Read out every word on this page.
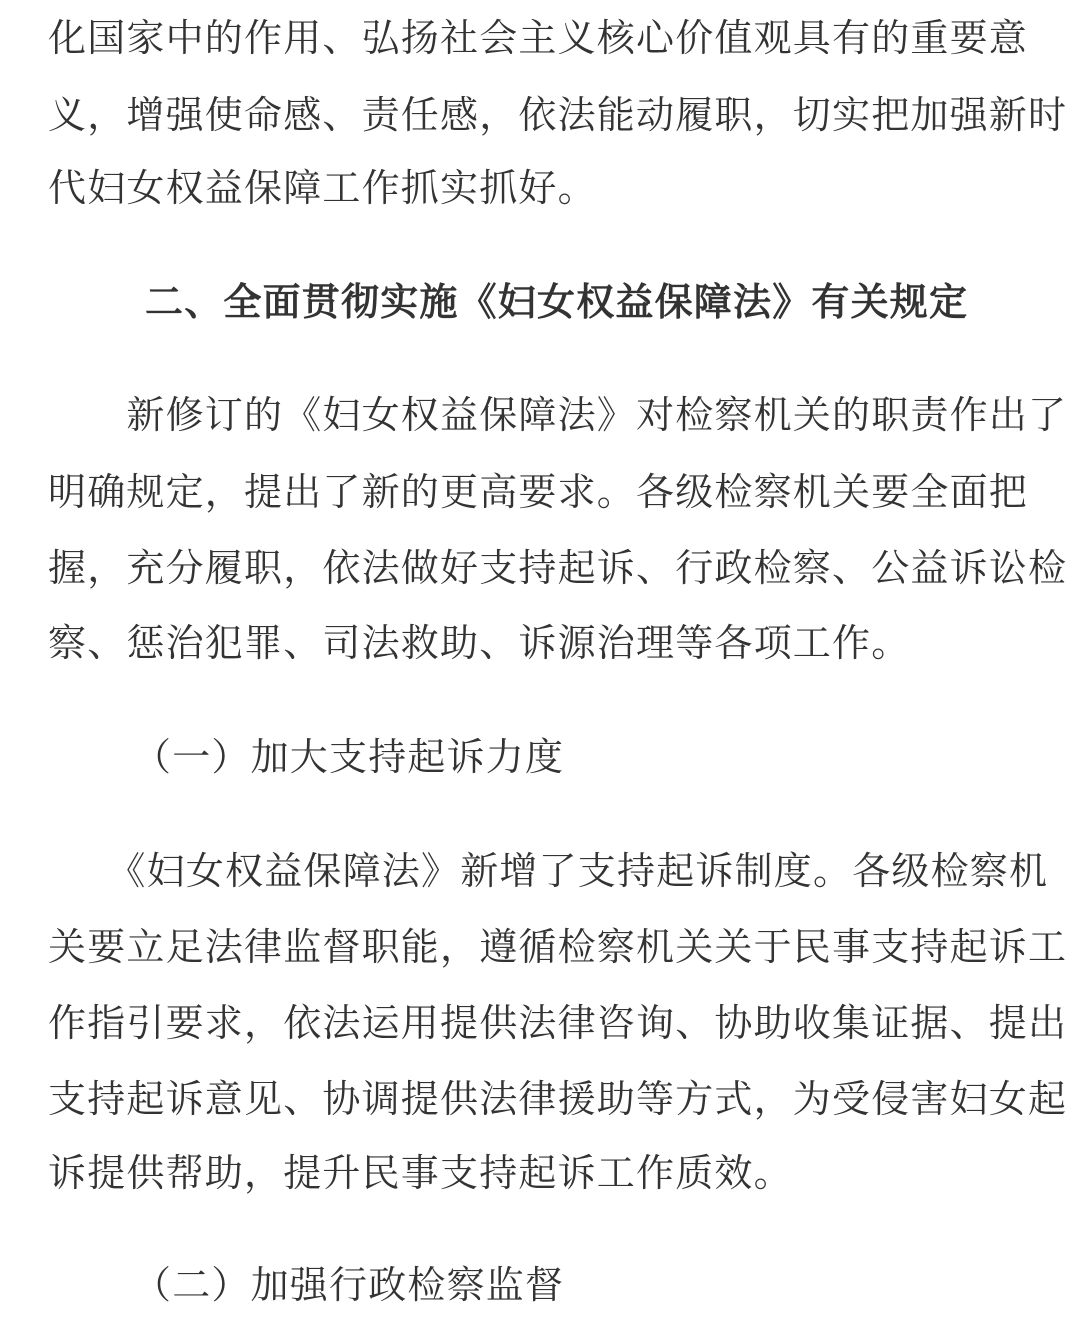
化国家中的作用、弘扬社会主义核心价值观具有的重要意
义，增强使命感、责任感，依法能动履职，切实把加强新时
代妇女权益保障工作抓实抓好。
二、全面贯彻实施《妇女权益保障法》有关规定
　　新修订的《妇女权益保障法》对检察机关的职责作出了
明确规定，提出了新的更高要求。各级检察机关要全面把
握，充分履职，依法做好支持起诉、行政检察、公益诉讼检
察、惩治犯罪、司法救助、诉源治理等各项工作。
（一）加大支持起诉力度
　　《妇女权益保障法》新增了支持起诉制度。各级检察机
关要立足法律监督职能，遵循检察机关关于民事支持起诉工
作指引要求，依法运用提供法律咨询、协助收集证据、提出
支持起诉意见、协调提供法律援助等方式，为受侵害妇女起
诉提供帮助，提升民事支持起诉工作质效。
（二）加强行政检察监督
